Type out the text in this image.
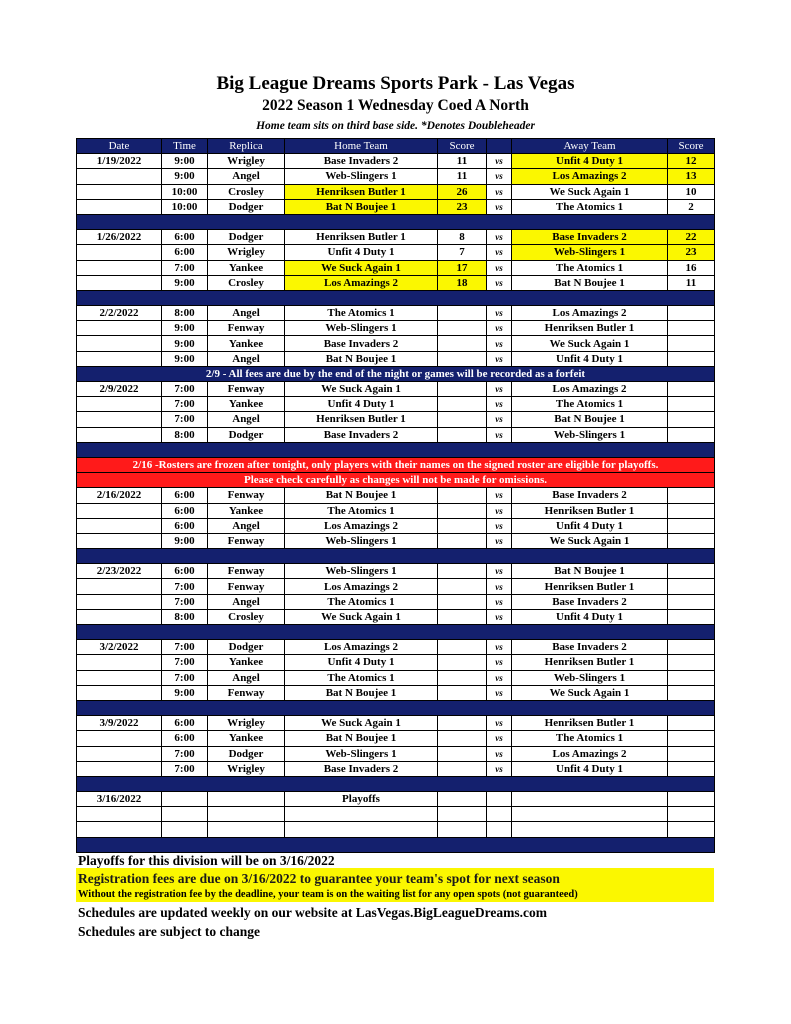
Big League Dreams Sports Park - Las Vegas
2022 Season 1 Wednesday Coed A North
Home team sits on third base side. *Denotes Doubleheader
Date	Time	Replica	Home Team	Score		Away Team	Score
1/19/2022	9:00	Wrigley	Base Invaders 2	11	vs	Unfit 4 Duty 1	12
	9:00	Angel	Web-Slingers 1	11	vs	Los Amazings 2	13
	10:00	Crosley	Henriksen Butler 1	26	vs	We Suck Again 1	10
	10:00	Dodger	Bat N Boujee 1	23	vs	The Atomics 1	2

1/26/2022	6:00	Dodger	Henriksen Butler 1	8	vs	Base Invaders 2	22
	6:00	Wrigley	Unfit 4 Duty 1	7	vs	Web-Slingers 1	23
	7:00	Yankee	We Suck Again 1	17	vs	The Atomics 1	16
	9:00	Crosley	Los Amazings 2	18	vs	Bat N Boujee 1	11

2/2/2022	8:00	Angel	The Atomics 1		vs	Los Amazings 2	
	9:00	Fenway	Web-Slingers 1		vs	Henriksen Butler 1	
	9:00	Yankee	Base Invaders 2		vs	We Suck Again 1	
	9:00	Angel	Bat N Boujee 1		vs	Unfit 4 Duty 1	
2/9 - All fees are due by the end of the night or games will be recorded as a forfeit							
2/9/2022	7:00	Fenway	We Suck Again 1		vs	Los Amazings 2	
	7:00	Yankee	Unfit 4 Duty 1		vs	The Atomics 1	
	7:00	Angel	Henriksen Butler 1		vs	Bat N Boujee 1	
	8:00	Dodger	Base Invaders 2		vs	Web-Slingers 1	

2/16 -Rosters are frozen after tonight, only players with their names on the signed roster are eligible for playoffs.							
Please check carefully as changes will not be made for omissions.							
2/16/2022	6:00	Fenway	Bat N Boujee 1		vs	Base Invaders 2	
	6:00	Yankee	The Atomics 1		vs	Henriksen Butler 1	
	6:00	Angel	Los Amazings 2		vs	Unfit 4 Duty 1	
	9:00	Fenway	Web-Slingers 1		vs	We Suck Again 1	

2/23/2022	6:00	Fenway	Web-Slingers 1		vs	Bat N Boujee 1	
	7:00	Fenway	Los Amazings 2		vs	Henriksen Butler 1	
	7:00	Angel	The Atomics 1		vs	Base Invaders 2	
	8:00	Crosley	We Suck Again 1		vs	Unfit 4 Duty 1	

3/2/2022	7:00	Dodger	Los Amazings 2		vs	Base Invaders 2	
	7:00	Yankee	Unfit 4 Duty 1		vs	Henriksen Butler 1	
	7:00	Angel	The Atomics 1		vs	Web-Slingers 1	
	9:00	Fenway	Bat N Boujee 1		vs	We Suck Again 1	

3/9/2022	6:00	Wrigley	We Suck Again 1		vs	Henriksen Butler 1	
	6:00	Yankee	Bat N Boujee 1		vs	The Atomics 1	
	7:00	Dodger	Web-Slingers 1		vs	Los Amazings 2	
	7:00	Wrigley	Base Invaders 2		vs	Unfit 4 Duty 1	

3/16/2022			Playoffs				

Playoffs for this division will be on 3/16/2022
Registration fees are due on 3/16/2022 to guarantee your team's spot for next season
Without the registration fee by the deadline, your team is on the waiting list for any open spots (not guaranteed)
Schedules are updated weekly on our website at LasVegas.BigLeagueDreams.com
Schedules are subject to change
